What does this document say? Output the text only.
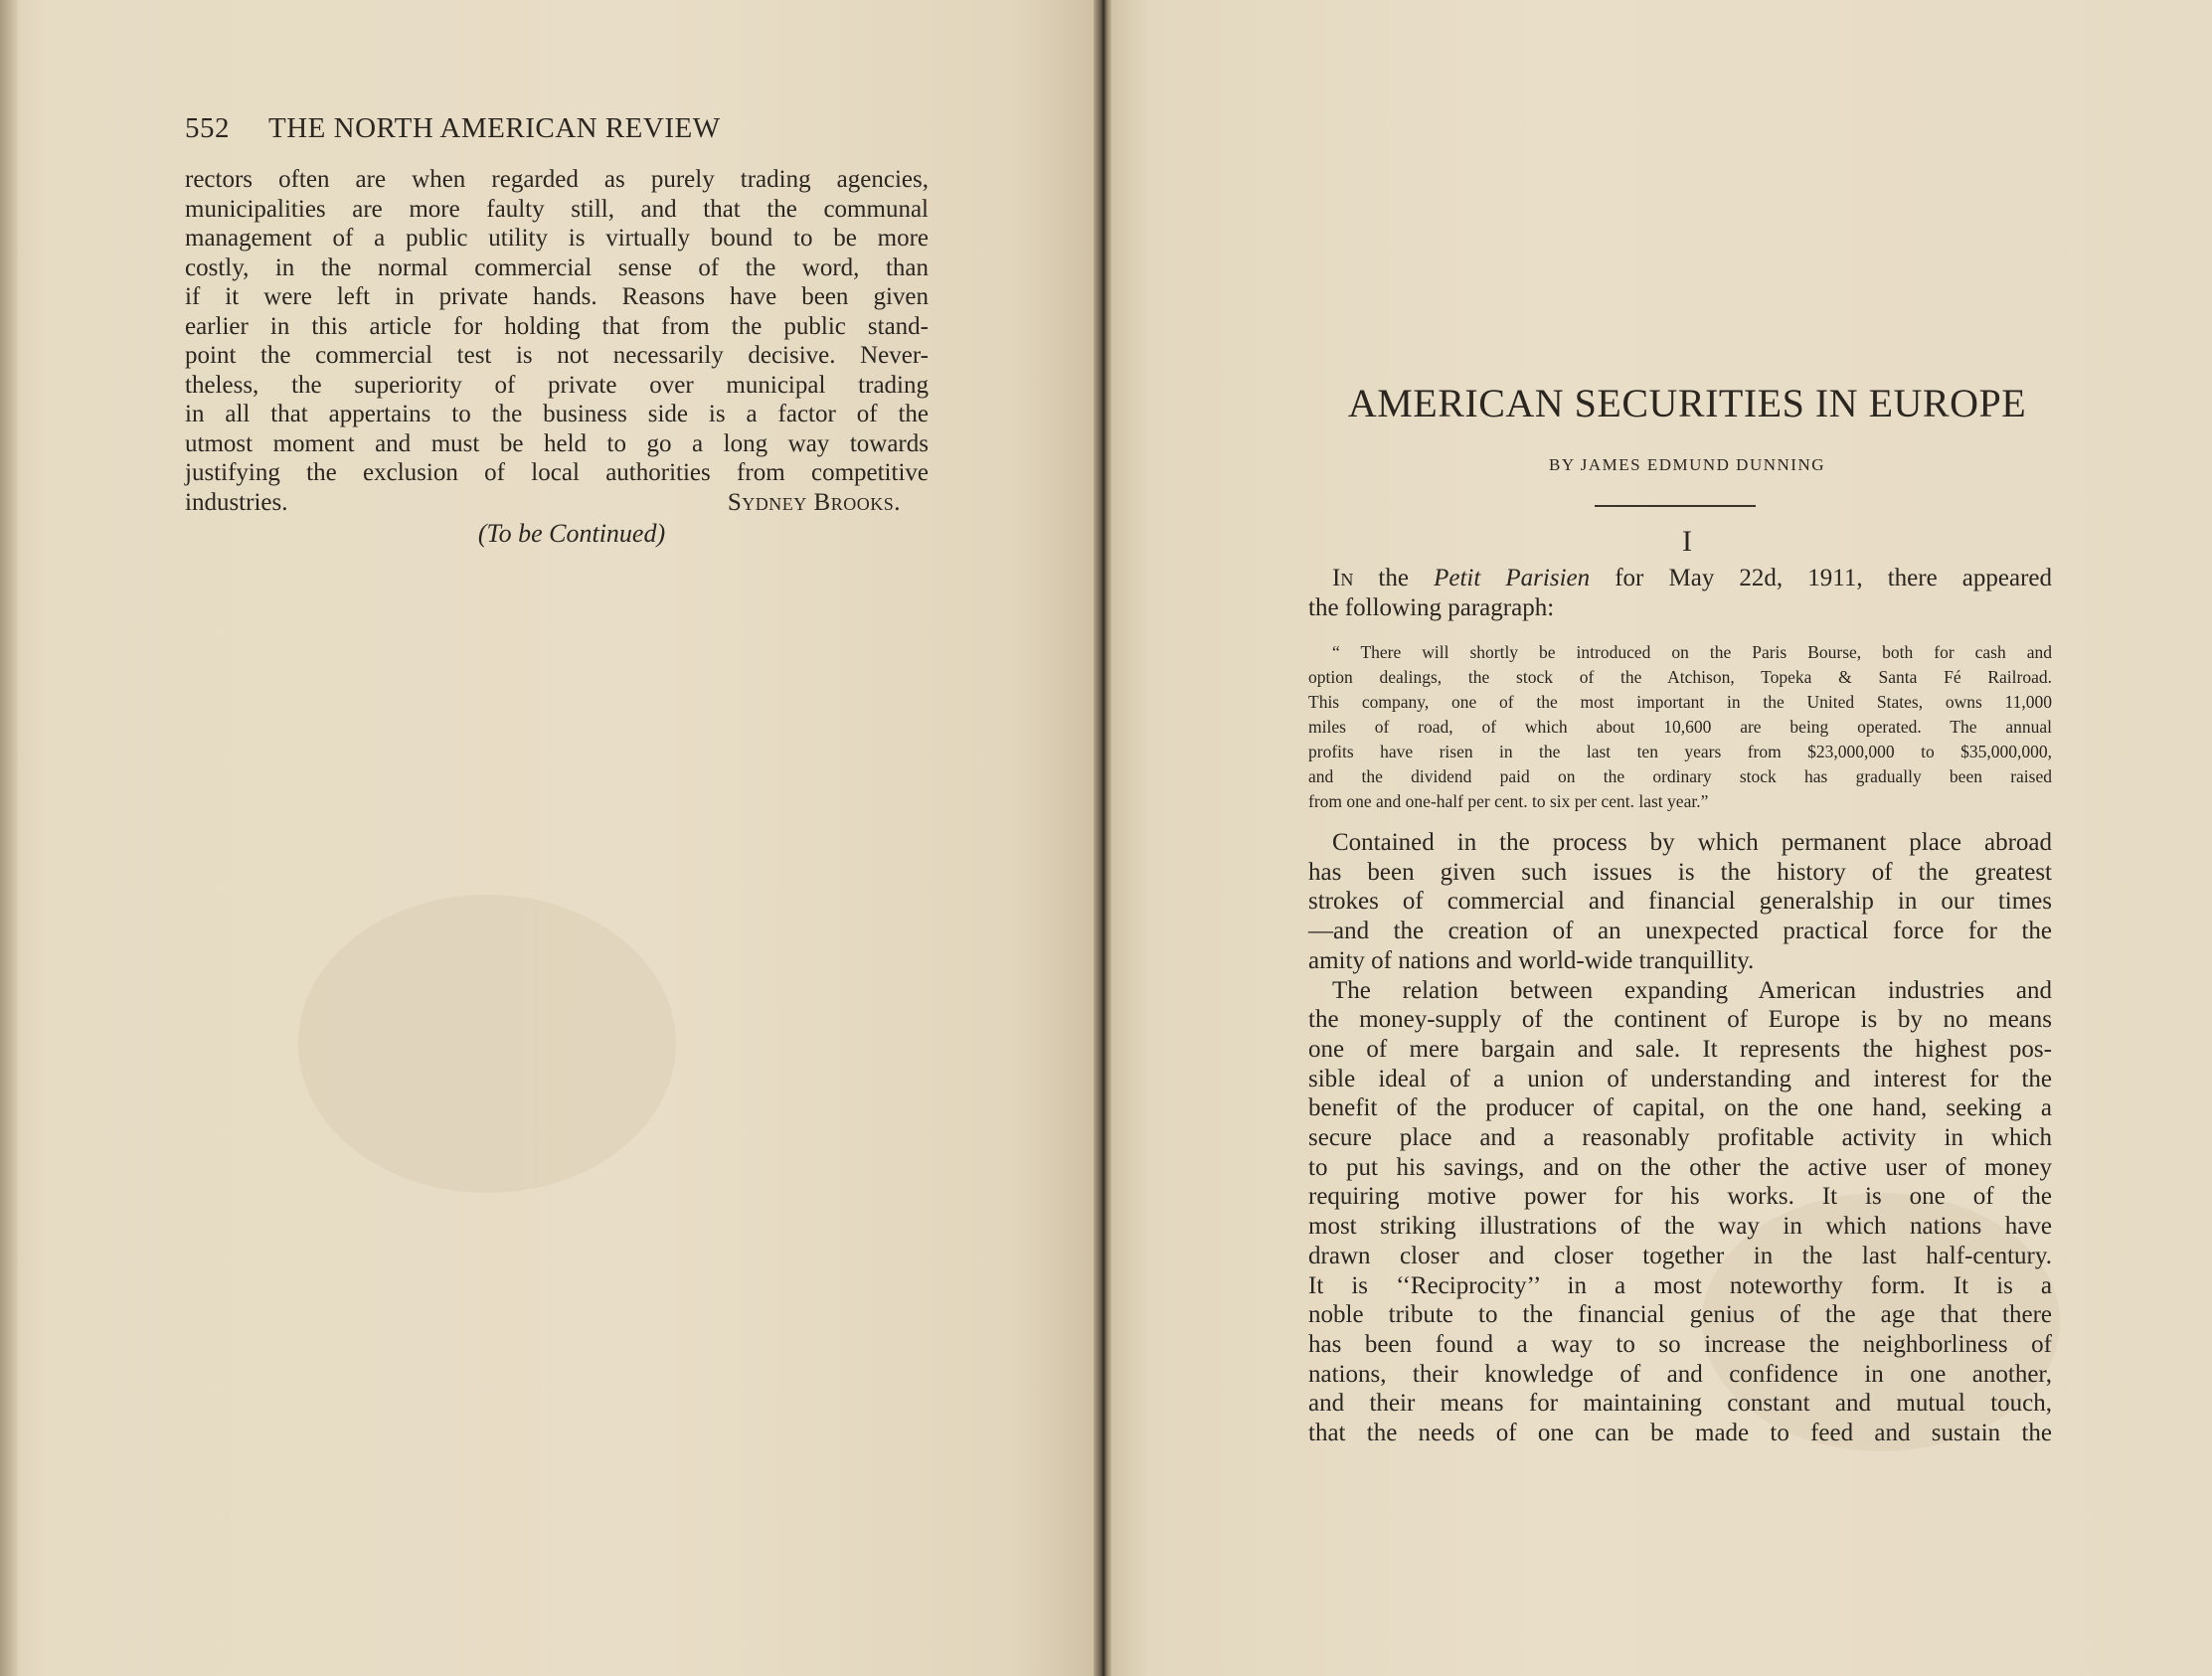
552 THE NORTH AMERICAN REVIEW
rectors often are when regarded as purely trading agencies,
municipalities are more faulty still, and that the communal
management of a public utility is virtually bound to be more
costly, in the normal commercial sense of the word, than
if it were left in private hands. Reasons have been given
earlier in this article for holding that from the public stand-
point the commercial test is not necessarily decisive. Never-
theless, the superiority of private over municipal trading
in all that appertains to the business side is a factor of the
utmost moment and must be held to go a long way towards
justifying the exclusion of local authorities from competitive
industries.	Sydney Brooks.
(To be Continued)
AMERICAN SECURITIES IN EUROPE
BY JAMES EDMUND DUNNING
I
In the Petit Parisien for May 22d, 1911, there appeared
the following paragraph:
“ There will shortly be introduced on the Paris Bourse, both for cash and
option dealings, the stock of the Atchison, Topeka & Santa Fé Railroad.
This company, one of the most important in the United States, owns 11,000
miles of road, of which about 10,600 are being operated. The annual
profits have risen in the last ten years from $23,000,000 to $35,000,000,
and the dividend paid on the ordinary stock has gradually been raised
from one and one-half per cent. to six per cent. last year.”
Contained in the process by which permanent place abroad
has been given such issues is the history of the greatest
strokes of commercial and financial generalship in our times
—and the creation of an unexpected practical force for the
amity of nations and world-wide tranquillity.
The relation between expanding American industries and
the money-supply of the continent of Europe is by no means
one of mere bargain and sale. It represents the highest pos-
sible ideal of a union of understanding and interest for the
benefit of the producer of capital, on the one hand, seeking a
secure place and a reasonably profitable activity in which
to put his savings, and on the other the active user of money
requiring motive power for his works. It is one of the
most striking illustrations of the way in which nations have
drawn closer and closer together in the last half-century.
It is ‘‘Reciprocity’’ in a most noteworthy form. It is a
noble tribute to the financial genius of the age that there
has been found a way to so increase the neighborliness of
nations, their knowledge of and confidence in one another,
and their means for maintaining constant and mutual touch,
that the needs of one can be made to feed and sustain the
